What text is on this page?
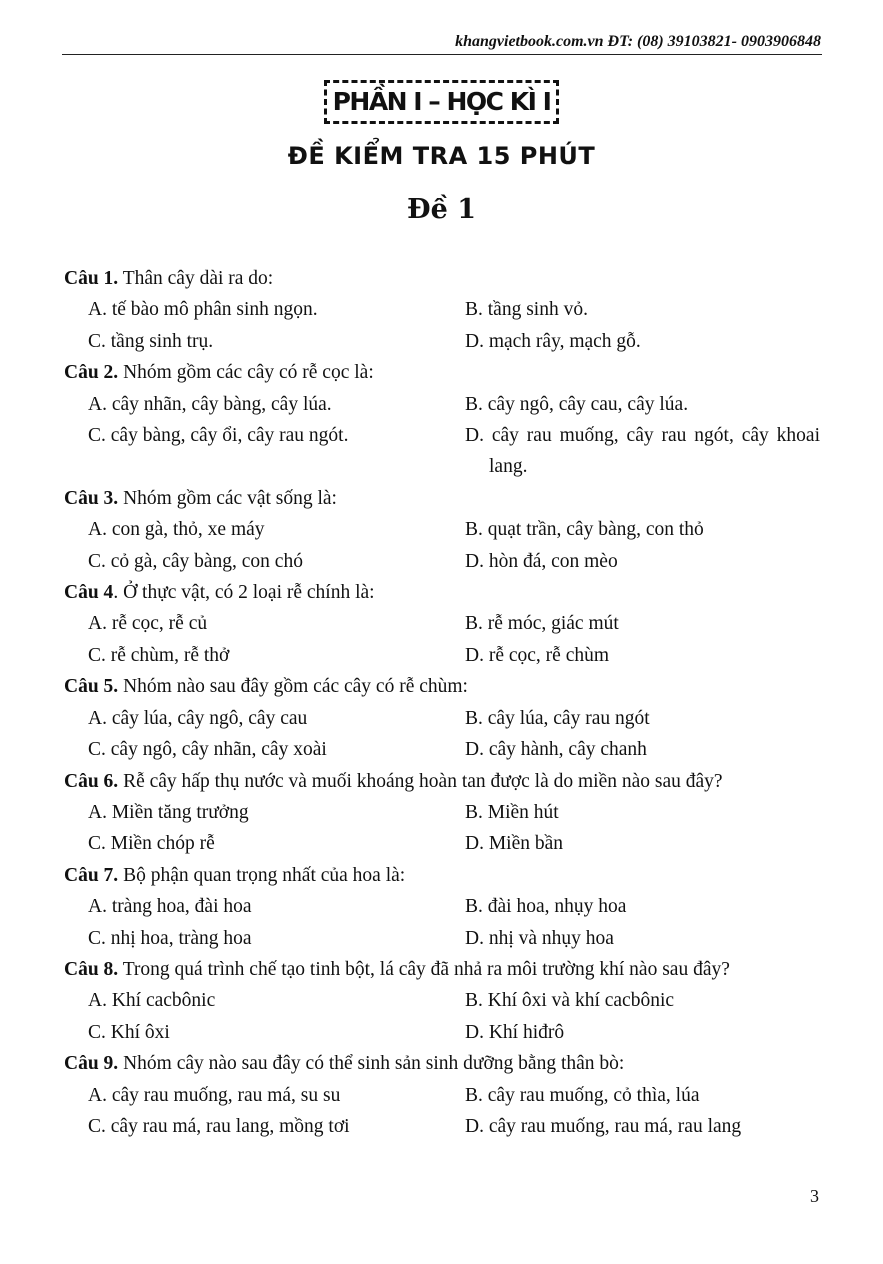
khangvietbook.com.vn ĐT: (08) 39103821- 0903906848
PHẦN I – HỌC KÌ I
ĐỀ KIỂM TRA 15 PHÚT
Đề 1
Câu 1. Thân cây dài ra do:
A. tế bào mô phân sinh ngọn.	B. tầng sinh vỏ.
C. tầng sinh trụ.	D. mạch rây, mạch gỗ.
Câu 2. Nhóm gồm các cây có rễ cọc là:
A. cây nhãn, cây bàng, cây lúa.	B. cây ngô, cây cau, cây lúa.
C. cây bàng, cây ổi, cây rau ngót.	D. cây rau muống, cây rau ngót, cây khoai lang.
Câu 3. Nhóm gồm các vật sống là:
A. con gà, thỏ, xe máy	B. quạt trần, cây bàng, con thỏ
C. cỏ gà, cây bàng, con chó	D. hòn đá, con mèo
Câu 4. Ở thực vật, có 2 loại rễ chính là:
A. rễ cọc, rễ củ	B. rễ móc, giác mút
C. rễ chùm, rễ thở	D. rễ cọc, rễ chùm
Câu 5. Nhóm nào sau đây gồm các cây có rễ chùm:
A. cây lúa, cây ngô, cây cau	B. cây lúa, cây rau ngót
C. cây ngô, cây nhãn, cây xoài	D. cây hành, cây chanh
Câu 6. Rễ cây hấp thụ nước và muối khoáng hoàn tan được là do miền nào sau đây?
A. Miền tăng trưởng	B. Miền hút
C. Miền chóp rễ	D. Miền bần
Câu 7. Bộ phận quan trọng nhất của hoa là:
A. tràng hoa, đài hoa	B. đài hoa, nhụy hoa
C. nhị hoa, tràng hoa	D. nhị và nhụy hoa
Câu 8. Trong quá trình chế tạo tinh bột, lá cây đã nhả ra môi trường khí nào sau đây?
A. Khí cacbônic	B. Khí ôxi và khí cacbônic
C. Khí ôxi	D. Khí hiđrô
Câu 9. Nhóm cây nào sau đây có thể sinh sản sinh dưỡng bằng thân bò:
A. cây rau muống, rau má, su su	B. cây rau muống, cỏ thìa, lúa
C. cây rau má, rau lang, mồng tơi	D. cây rau muống, rau má, rau lang
3
